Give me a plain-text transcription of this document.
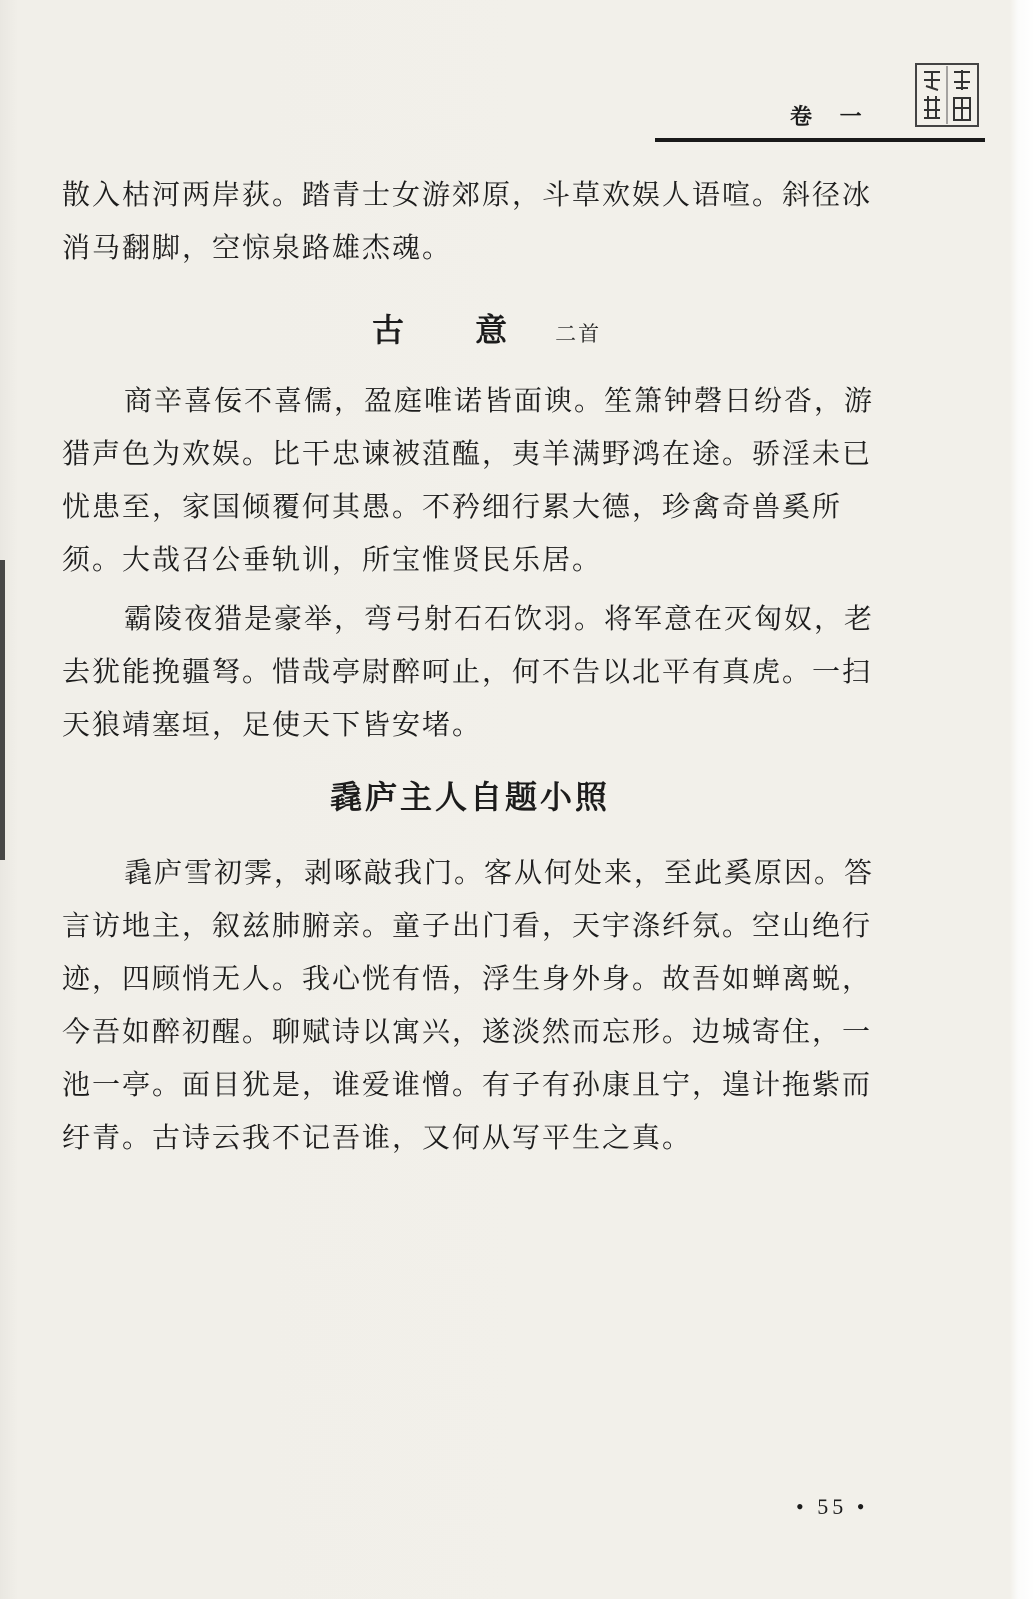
卷 一

散入枯河两岸荻。踏青士女游郊原，斗草欢娱人语喧。斜径冰消马翻脚，空惊泉路雄杰魂。

古 意 二首

商辛喜佞不喜儒，盈庭唯诺皆面谀。笙箫钟磬日纷沓，游猎声色为欢娱。比干忠谏被菹醢，夷羊满野鸿在途。骄淫未已忧患至，家国倾覆何其愚。不矜细行累大德，珍禽奇兽奚所须。大哉召公垂轨训，所宝惟贤民乐居。

霸陵夜猎是豪举，弯弓射石石饮羽。将军意在灭匈奴，老去犹能挽疆弩。惜哉亭尉醉呵止，何不告以北平有真虎。一扫天狼靖塞垣，足使天下皆安堵。

毳庐主人自题小照

毳庐雪初霁，剥啄敲我门。客从何处来，至此奚原因。答言访地主，叙兹肺腑亲。童子出门看，天宇涤纤氛。空山绝行迹，四顾悄无人。我心恍有悟，浮生身外身。故吾如蝉离蜕，今吾如醉初醒。聊赋诗以寓兴，遂淡然而忘形。边城寄住，一池一亭。面目犹是，谁爱谁憎。有子有孙康且宁，遑计拖紫而纡青。古诗云我不记吾谁，又何从写平生之真。

• 55 •
